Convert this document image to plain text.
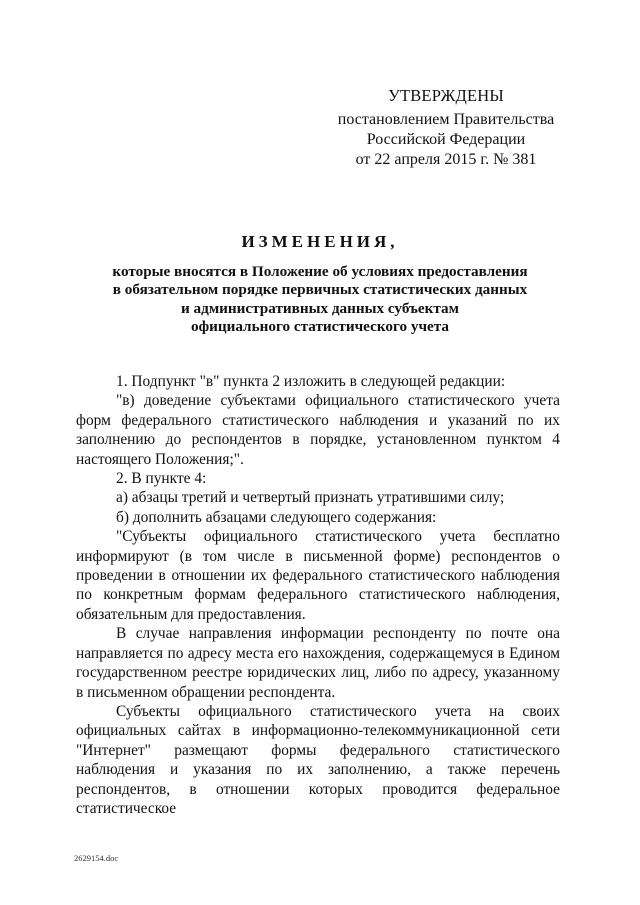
УТВЕРЖДЕНЫ
постановлением Правительства
Российской Федерации
от 22 апреля 2015 г. № 381
ИЗМЕНЕНИЯ,
которые вносятся в Положение об условиях предоставления
в обязательном порядке первичных статистических данных
и административных данных субъектам
официального статистического учета

1. Подпункт "в" пункта 2 изложить в следующей редакции:

"в) доведение субъектами официального статистического учета форм федерального статистического наблюдения и указаний по их заполнению до респондентов в порядке, установленном пунктом 4 настоящего Положения;".

2. В пункте 4:

а) абзацы третий и четвертый признать утратившими силу;

б) дополнить абзацами следующего содержания:

"Субъекты официального статистического учета бесплатно информируют (в том числе в письменной форме) респондентов о проведении в отношении их федерального статистического наблюдения по конкретным формам федерального статистического наблюдения, обязательным для предоставления.

В случае направления информации респонденту по почте она направляется по адресу места его нахождения, содержащемуся в Едином государственном реестре юридических лиц, либо по адресу, указанному в письменном обращении респондента.

Субъекты официального статистического учета на своих официальных сайтах в информационно-телекоммуникационной сети "Интернет" размещают формы федерального статистического наблюдения и указания по их заполнению, а также перечень респондентов, в отношении которых проводится федеральное статистическое

2629154.doc
